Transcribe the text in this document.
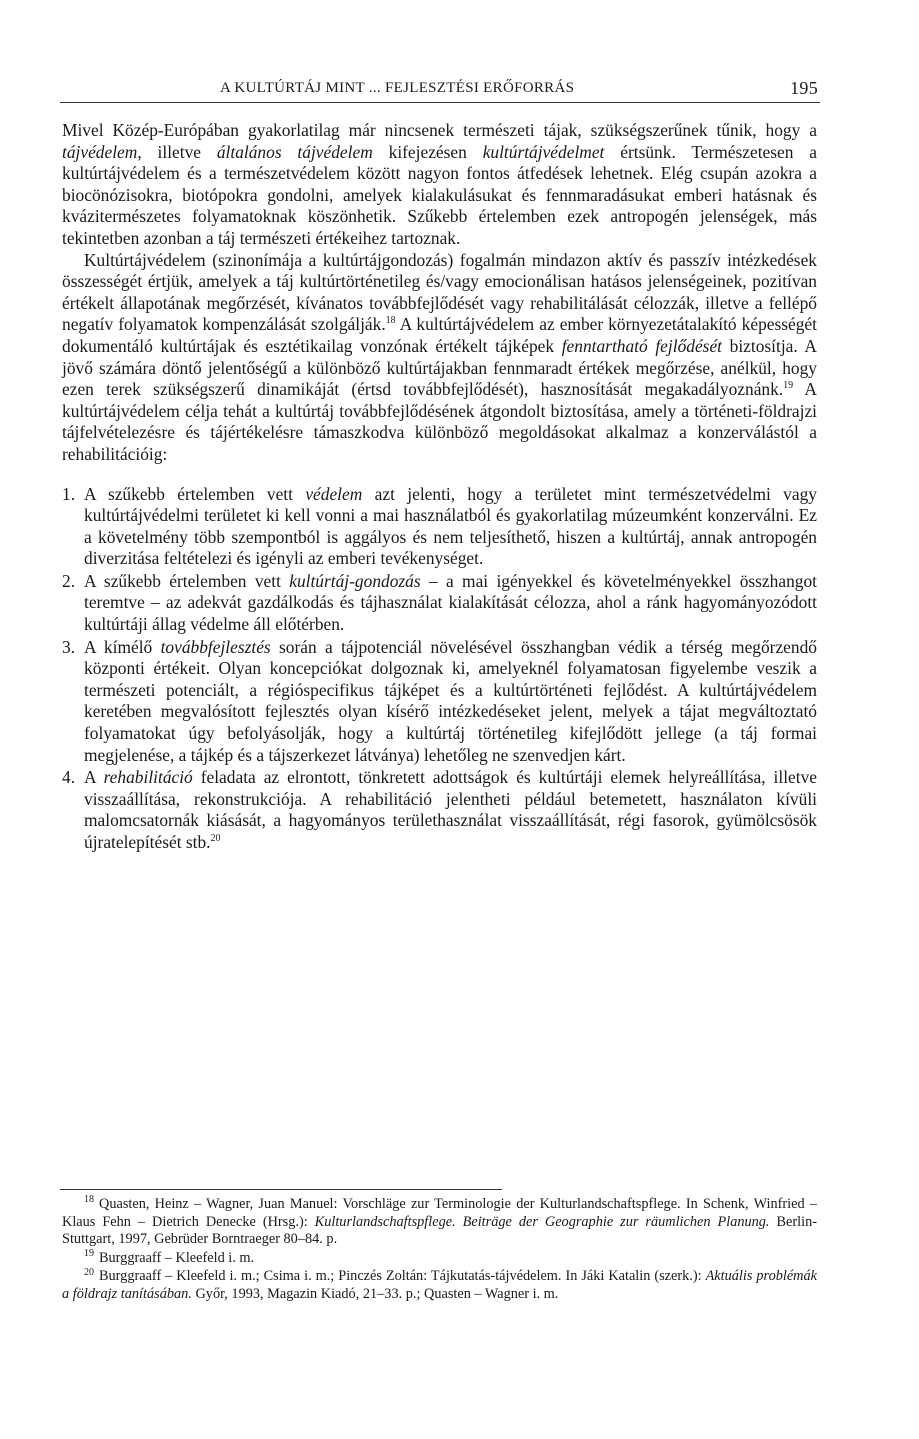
A KULTÚRTÁJ MINT ... FEJLESZTÉSI ERŐFORRÁS	195

Mivel Közép-Európában gyakorlatilag már nincsenek természeti tájak, szükségszerűnek tűnik, hogy a tájvédelem, illetve általános tájvédelem kifejezésen kultúrtájvédelmet értsünk. Természetesen a kultúrtájvédelem és a természetvédelem között nagyon fontos átfedések lehetnek. Elég csupán azokra a biocönózisokra, biotópokra gondolni, amelyek kialakulásukat és fennmaradásukat emberi hatásnak és kvázitermészetes folyamatoknak köszönhetik. Szűkebb értelemben ezek antropogén jelenségek, más tekintetben azonban a táj természeti értékeihez tartoznak.

Kultúrtájvédelem (szinonímája a kultúrtájgondozás) fogalmán mindazon aktív és passzív intézkedések összességét értjük, amelyek a táj kultúrtörténetileg és/vagy emocionálisan hatásos jelenségeinek, pozitívan értékelt állapotának megőrzését, kívánatos továbbfejlődését vagy rehabilitálását célozzák, illetve a fellépő negatív folyamatok kompenzálását szolgálják.$^{18}$ A kultúrtájvédelem az ember környezetátalakító képességét dokumentáló kultúrtájak és esztétikailag vonzónak értékelt tájképek fenntartható fejlődését biztosítja. A jövő számára döntő jelentőségű a különböző kultúrtájakban fennmaradt értékek megőrzése, anélkül, hogy ezen terek szükségszerű dinamikáját (értsd továbbfejlődését), hasznosítását megakadályoznánk.$^{19}$ A kultúrtájvédelem célja tehát a kultúrtáj továbbfejlődésének átgondolt biztosítása, amely a történeti-földrajzi tájfelvételezésre és tájértékelésre támaszkodva különböző megoldásokat alkalmaz a konzerválástól a rehabilitációig:

1. A szűkebb értelemben vett védelem azt jelenti, hogy a területet mint természetvédelmi vagy kultúrtájvédelmi területet ki kell vonni a mai használatból és gyakorlatilag múzeumként konzerválni. Ez a követelmény több szempontból is aggályos és nem teljesíthető, hiszen a kultúrtáj, annak antropogén diverzitása feltételezi és igényli az emberi tevékenységet.
2. A szűkebb értelemben vett kultúrtáj-gondozás – a mai igényekkel és követelményekkel összhangot teremtve – az adekvát gazdálkodás és tájhasználat kialakítását célozza, ahol a ránk hagyományozódott kultúrtáji állag védelme áll előtérben.
3. A kímélő továbbfejlesztés során a tájpotenciál növelésével összhangban védik a térség megőrzendő központi értékeit. Olyan koncepciókat dolgoznak ki, amelyeknél folyamatosan figyelembe veszik a természeti potenciált, a régióspecifikus tájképet és a kultúrtörténeti fejlődést. A kultúrtájvédelem keretében megvalósított fejlesztés olyan kísérő intézkedéseket jelent, melyek a tájat megváltoztató folyamatokat úgy befolyásolják, hogy a kultúrtáj történetileg kifejlődött jellege (a táj formai megjelenése, a tájkép és a tájszerkezet látványa) lehetőleg ne szenvedjen kárt.
4. A rehabilitáció feladata az elrontott, tönkretett adottságok és kultúrtáji elemek helyreállítása, illetve visszaállítása, rekonstrukciója. A rehabilitáció jelentheti például betemetett, használaton kívüli malomcsatornák kiásását, a hagyományos területhasználat visszaállítását, régi fasorok, gyümölcsösök újratelepítését stb.$^{20}$

$^{18}$ Quasten, Heinz – Wagner, Juan Manuel: Vorschläge zur Terminologie der Kulturlandschaftspflege. In Schenk, Winfried – Klaus Fehn – Dietrich Denecke (Hrsg.): Kulturlandschaftspflege. Beiträge der Geographie zur räumlichen Planung. Berlin-Stuttgart, 1997, Gebrüder Borntraeger 80–84. p.

$^{19}$ Burggraaff – Kleefeld i. m.

$^{20}$ Burggraaff – Kleefeld i. m.; Csima i. m.; Pinczés Zoltán: Tájkutatás-tájvédelem. In Jáki Katalin (szerk.): Aktuális problémák a földrajz tanításában. Győr, 1993, Magazin Kiadó, 21–33. p.; Quasten – Wagner i. m.
